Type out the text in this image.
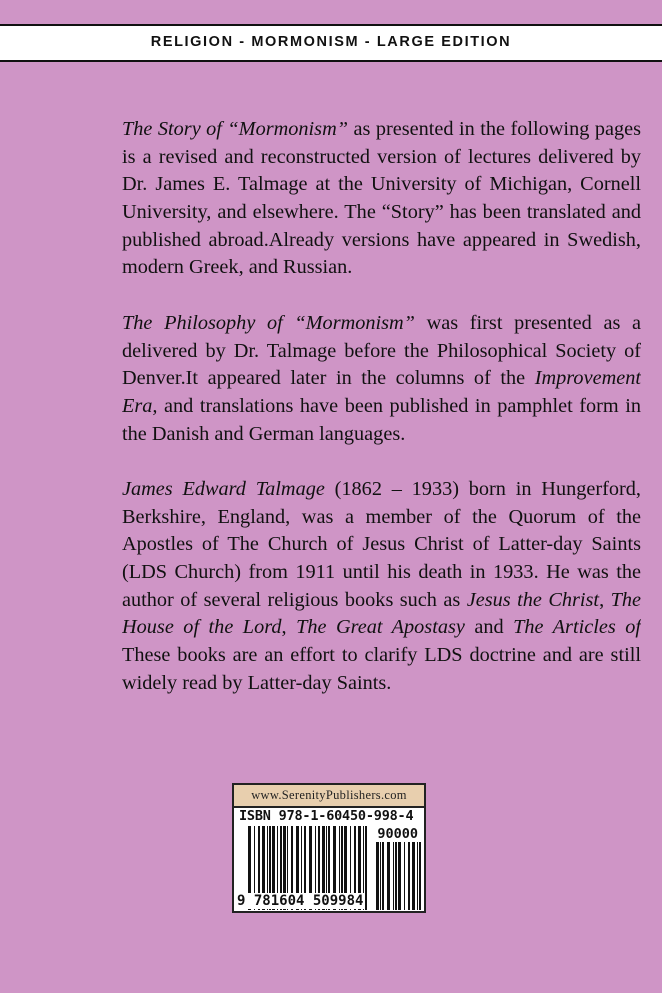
RELIGION - MORMONISM - LARGE EDITION
The Story of “Mormonism” as presented in the following pages
is a revised and reconstructed version of lectures delivered by
Dr. James E. Talmage at the University of Michigan, Cornell
University, and elsewhere. The “Story” has been translated and
published abroad.Already versions have appeared in Swedish,
modern Greek, and Russian.
The Philosophy of “Mormonism” was first presented as a
delivered by Dr. Talmage before the Philosophical Society of
Denver.It appeared later in the columns of the Improvement
Era, and translations have been published in pamphlet form in
the Danish and German languages.
James Edward Talmage (1862 – 1933) born in Hungerford,
Berkshire, England, was a member of the Quorum of the
Apostles of The Church of Jesus Christ of Latter-day Saints
(LDS Church) from 1911 until his death in 1933. He was the
author of several religious books such as Jesus the Christ, The
House of the Lord, The Great Apostasy and The Articles of
These books are an effort to clarify LDS doctrine and are still
widely read by Latter-day Saints.
www.SerenityPublishers.com
ISBN 978-1-60450-998-4
90000
9 781604 509984
